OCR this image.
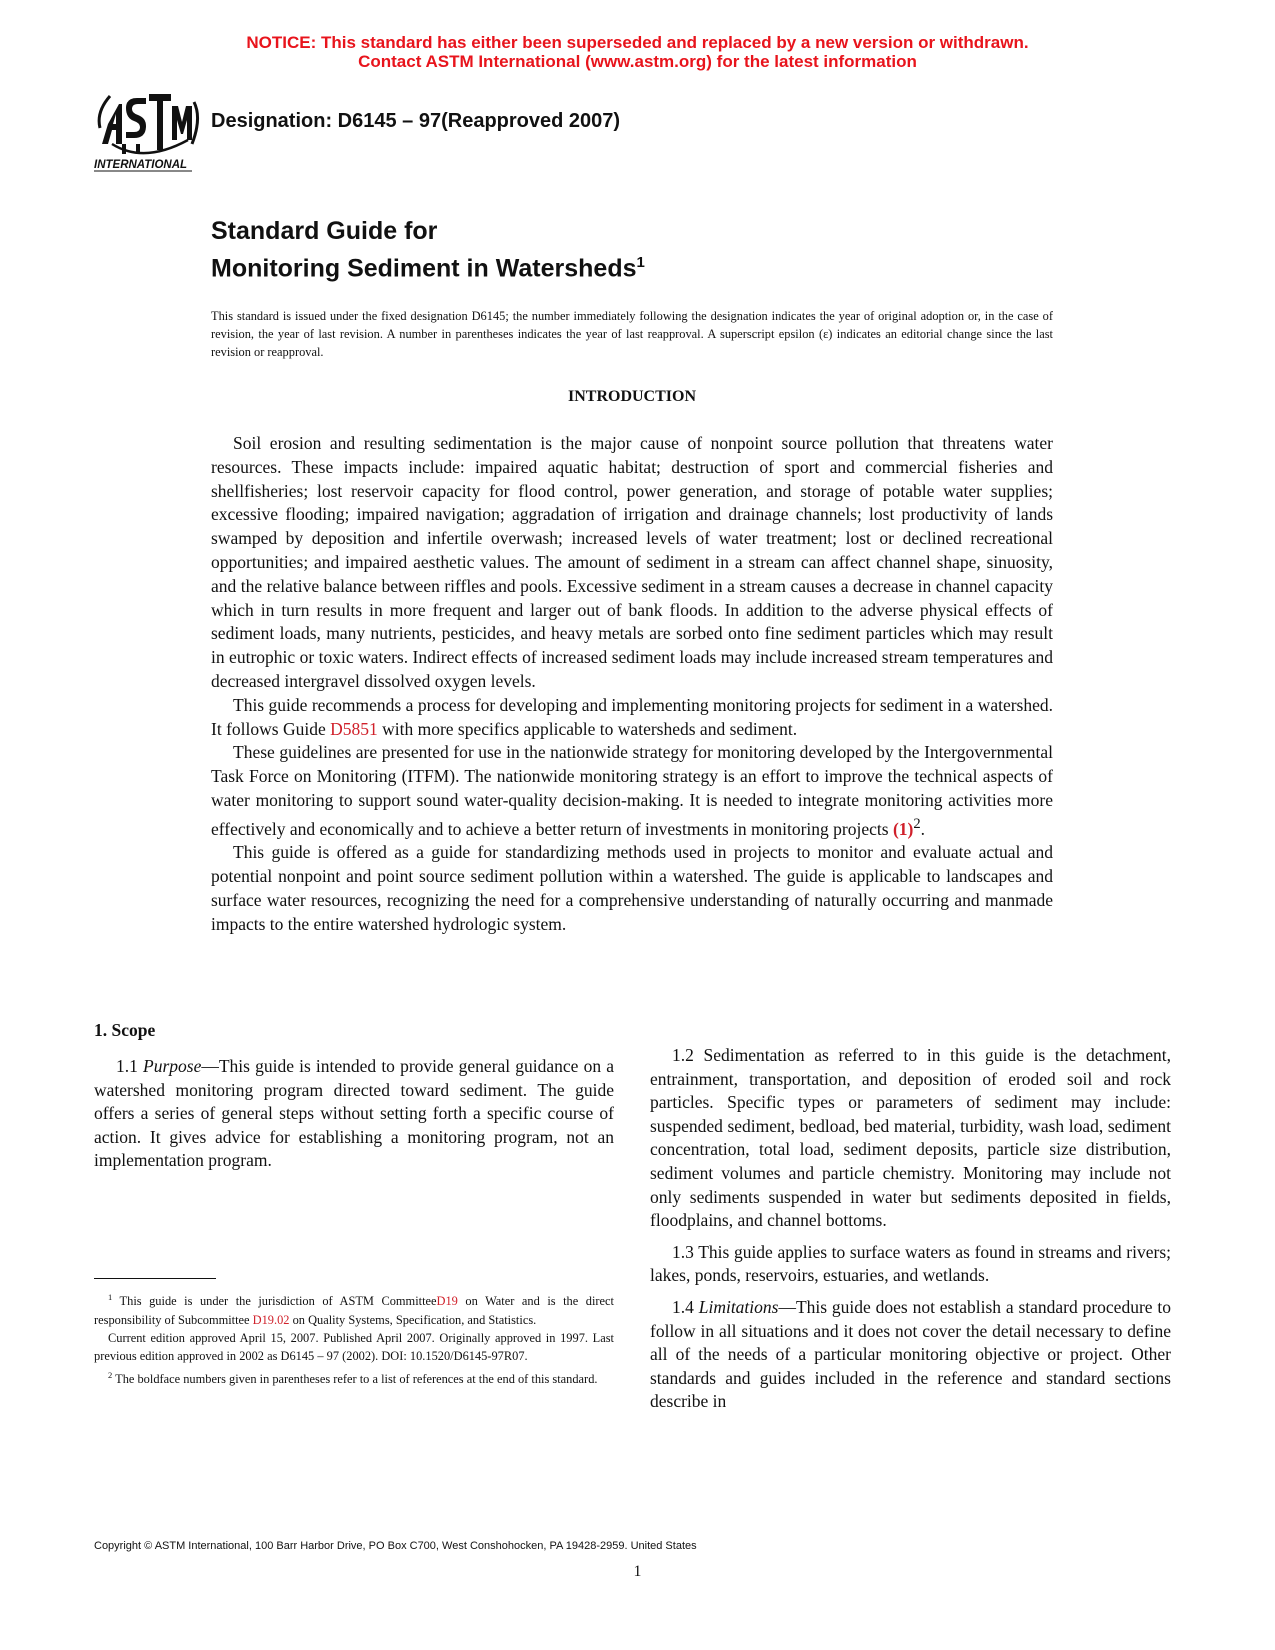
NOTICE: This standard has either been superseded and replaced by a new version or withdrawn.
Contact ASTM International (www.astm.org) for the latest information
INTERNATIONAL
Designation: D6145 – 97(Reapproved 2007)
Standard Guide for
Monitoring Sediment in Watersheds$^1$
This standard is issued under the fixed designation D6145; the number immediately following the designation indicates the year of original adoption or, in the case of revision, the year of last revision. A number in parentheses indicates the year of last reapproval. A superscript epsilon (ε) indicates an editorial change since the last revision or reapproval.
INTRODUCTION

Soil erosion and resulting sedimentation is the major cause of nonpoint source pollution that threatens water resources. These impacts include: impaired aquatic habitat; destruction of sport and commercial fisheries and shellfisheries; lost reservoir capacity for flood control, power generation, and storage of potable water supplies; excessive flooding; impaired navigation; aggradation of irrigation and drainage channels; lost productivity of lands swamped by deposition and infertile overwash; increased levels of water treatment; lost or declined recreational opportunities; and impaired aesthetic values. The amount of sediment in a stream can affect channel shape, sinuosity, and the relative balance between riffles and pools. Excessive sediment in a stream causes a decrease in channel capacity which in turn results in more frequent and larger out of bank floods. In addition to the adverse physical effects of sediment loads, many nutrients, pesticides, and heavy metals are sorbed onto fine sediment particles which may result in eutrophic or toxic waters. Indirect effects of increased sediment loads may include increased stream temperatures and decreased intergravel dissolved oxygen levels.

This guide recommends a process for developing and implementing monitoring projects for sediment in a watershed. It follows Guide D5851 with more specifics applicable to watersheds and sediment.

These guidelines are presented for use in the nationwide strategy for monitoring developed by the Intergovernmental Task Force on Monitoring (ITFM). The nationwide monitoring strategy is an effort to improve the technical aspects of water monitoring to support sound water-quality decision-making. It is needed to integrate monitoring activities more effectively and economically and to achieve a better return of investments in monitoring projects $(1)^2$.

This guide is offered as a guide for standardizing methods used in projects to monitor and evaluate actual and potential nonpoint and point source sediment pollution within a watershed. The guide is applicable to landscapes and surface water resources, recognizing the need for a comprehensive understanding of naturally occurring and manmade impacts to the entire watershed hydrologic system.

1. Scope

1.1 Purpose—This guide is intended to provide general guidance on a watershed monitoring program directed toward sediment. The guide offers a series of general steps without setting forth a specific course of action. It gives advice for establishing a monitoring program, not an implementation program.

$^1$ This guide is under the jurisdiction of ASTM CommitteeD19 on Water and is the direct responsibility of Subcommittee D19.02 on Quality Systems, Specification, and Statistics.

Current edition approved April 15, 2007. Published April 2007. Originally approved in 1997. Last previous edition approved in 2002 as D6145 – 97 (2002). DOI: 10.1520/D6145-97R07.

$^2$ The boldface numbers given in parentheses refer to a list of references at the end of this standard.

1.2 Sedimentation as referred to in this guide is the detachment, entrainment, transportation, and deposition of eroded soil and rock particles. Specific types or parameters of sediment may include: suspended sediment, bedload, bed material, turbidity, wash load, sediment concentration, total load, sediment deposits, particle size distribution, sediment volumes and particle chemistry. Monitoring may include not only sediments suspended in water but sediments deposited in fields, floodplains, and channel bottoms.

1.3 This guide applies to surface waters as found in streams and rivers; lakes, ponds, reservoirs, estuaries, and wetlands.

1.4 Limitations—This guide does not establish a standard procedure to follow in all situations and it does not cover the detail necessary to define all of the needs of a particular monitoring objective or project. Other standards and guides included in the reference and standard sections describe in

Copyright © ASTM International, 100 Barr Harbor Drive, PO Box C700, West Conshohocken, PA 19428-2959. United States
1
